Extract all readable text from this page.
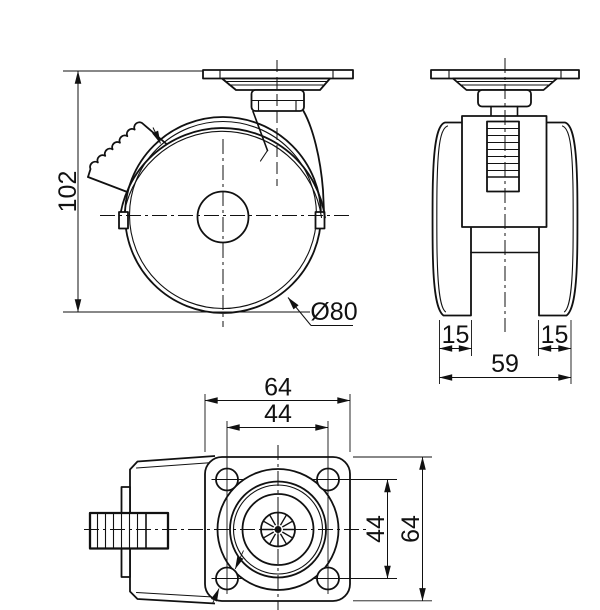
102
Ø80
15	15
59
64
44
64
44
